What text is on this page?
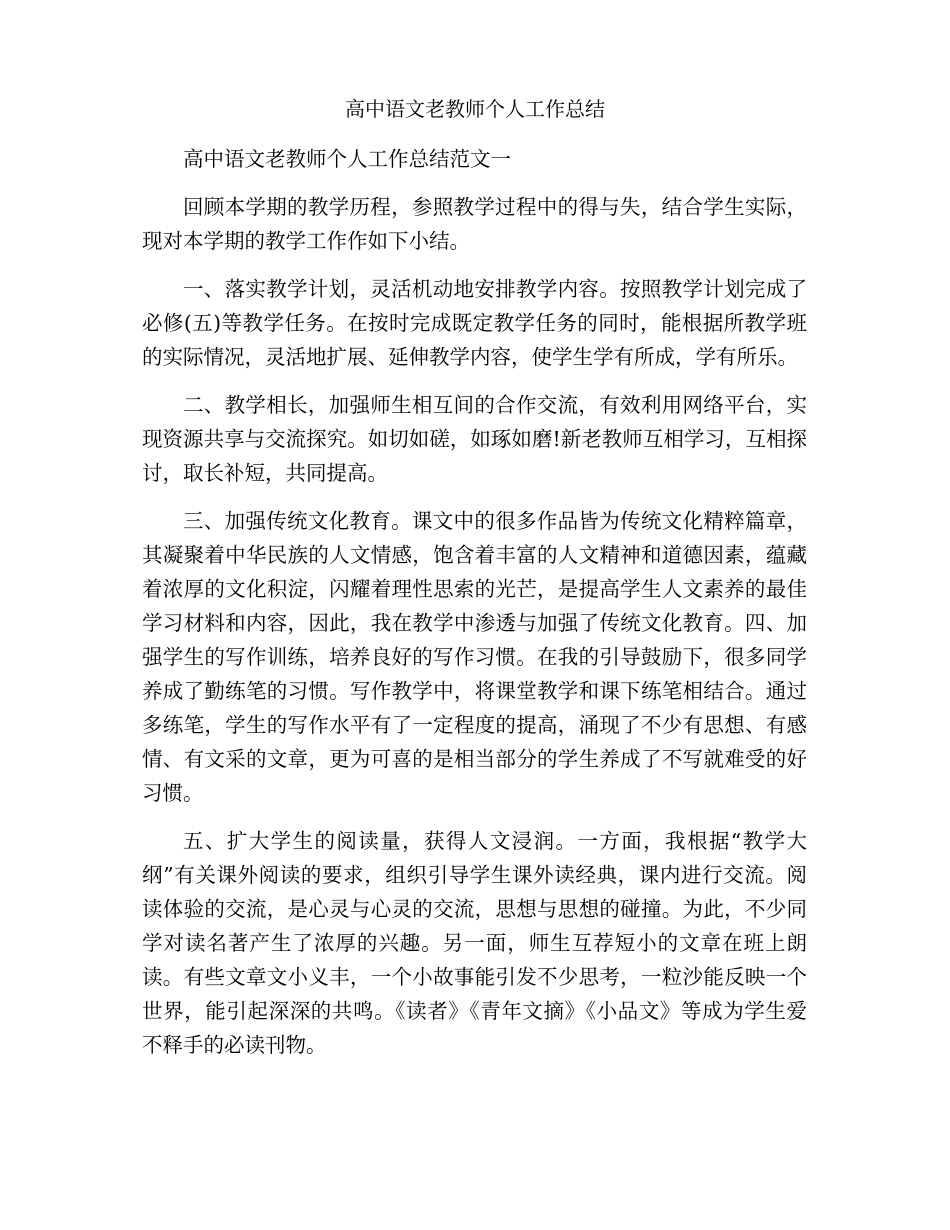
高中语文老教师个人工作总结

高中语文老教师个人工作总结范文一

回顾本学期的教学历程，参照教学过程中的得与失，结合学生实际，现对本学期的教学工作作如下小结。

一、落实教学计划，灵活机动地安排教学内容。按照教学计划完成了必修(五)等教学任务。在按时完成既定教学任务的同时，能根据所教学班的实际情况，灵活地扩展、延伸教学内容，使学生学有所成，学有所乐。

二、教学相长，加强师生相互间的合作交流，有效利用网络平台，实现资源共享与交流探究。如切如磋，如琢如磨!新老教师互相学习，互相探讨，取长补短，共同提高。

三、加强传统文化教育。课文中的很多作品皆为传统文化精粹篇章，其凝聚着中华民族的人文情感，饱含着丰富的人文精神和道德因素，蕴藏着浓厚的文化积淀，闪耀着理性思索的光芒，是提高学生人文素养的最佳学习材料和内容，因此，我在教学中渗透与加强了传统文化教育。四、加强学生的写作训练，培养良好的写作习惯。在我的引导鼓励下，很多同学养成了勤练笔的习惯。写作教学中，将课堂教学和课下练笔相结合。通过多练笔，学生的写作水平有了一定程度的提高，涌现了不少有思想、有感情、有文采的文章，更为可喜的是相当部分的学生养成了不写就难受的好习惯。

五、扩大学生的阅读量，获得人文浸润。一方面，我根据“教学大纲”有关课外阅读的要求，组织引导学生课外读经典，课内进行交流。阅读体验的交流，是心灵与心灵的交流，思想与思想的碰撞。为此，不少同学对读名著产生了浓厚的兴趣。另一面，师生互荐短小的文章在班上朗读。有些文章文小义丰，一个小故事能引发不少思考，一粒沙能反映一个世界，能引起深深的共鸣。《读者》《青年文摘》《小品文》等成为学生爱不释手的必读刊物。
